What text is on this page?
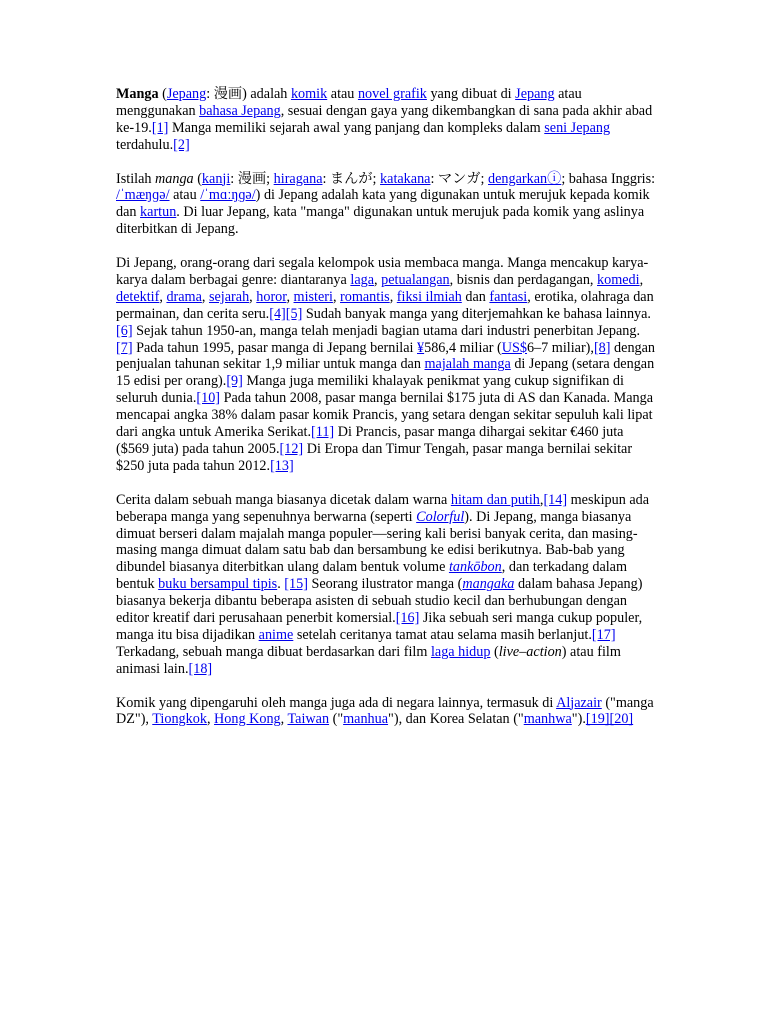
Manga (Jepang: 漫画) adalah komik atau novel grafik yang dibuat di Jepang atau menggunakan bahasa Jepang, sesuai dengan gaya yang dikembangkan di sana pada akhir abad ke-19.[1] Manga memiliki sejarah awal yang panjang dan kompleks dalam seni Jepang terdahulu.[2]

Istilah manga (kanji: 漫画; hiragana: まんが; katakana: マンガ; dengarkanⓘ; bahasa Inggris: /ˈmæŋɡə/ atau /ˈmɑːŋɡə/) di Jepang adalah kata yang digunakan untuk merujuk kepada komik dan kartun. Di luar Jepang, kata "manga" digunakan untuk merujuk pada komik yang aslinya diterbitkan di Jepang.

Di Jepang, orang-orang dari segala kelompok usia membaca manga. Manga mencakup karya-karya dalam berbagai genre: diantaranya laga, petualangan, bisnis dan perdagangan, komedi, detektif, drama, sejarah, horor, misteri, romantis, fiksi ilmiah dan fantasi, erotika, olahraga dan permainan, dan cerita seru.[4][5] Sudah banyak manga yang diterjemahkan ke bahasa lainnya.[6] Sejak tahun 1950-an, manga telah menjadi bagian utama dari industri penerbitan Jepang.[7] Pada tahun 1995, pasar manga di Jepang bernilai ¥586,4 miliar (US$6–7 miliar),[8] dengan penjualan tahunan sekitar 1,9 miliar untuk manga dan majalah manga di Jepang (setara dengan 15 edisi per orang).[9] Manga juga memiliki khalayak penikmat yang cukup signifikan di seluruh dunia.[10] Pada tahun 2008, pasar manga bernilai $175 juta di AS dan Kanada. Manga mencapai angka 38% dalam pasar komik Prancis, yang setara dengan sekitar sepuluh kali lipat dari angka untuk Amerika Serikat.[11] Di Prancis, pasar manga dihargai sekitar €460 juta ($569 juta) pada tahun 2005.[12] Di Eropa dan Timur Tengah, pasar manga bernilai sekitar $250 juta pada tahun 2012.[13]

Cerita dalam sebuah manga biasanya dicetak dalam warna hitam dan putih,[14] meskipun ada beberapa manga yang sepenuhnya berwarna (seperti Colorful). Di Jepang, manga biasanya dimuat berseri dalam majalah manga populer—sering kali berisi banyak cerita, dan masing-masing manga dimuat dalam satu bab dan bersambung ke edisi berikutnya. Bab-bab yang dibundel biasanya diterbitkan ulang dalam bentuk volume tankōbon, dan terkadang dalam bentuk buku bersampul tipis. [15] Seorang ilustrator manga (mangaka dalam bahasa Jepang) biasanya bekerja dibantu beberapa asisten di sebuah studio kecil dan berhubungan dengan editor kreatif dari perusahaan penerbit komersial.[16] Jika sebuah seri manga cukup populer, manga itu bisa dijadikan anime setelah ceritanya tamat atau selama masih berlanjut.[17] Terkadang, sebuah manga dibuat berdasarkan dari film laga hidup (live–action) atau film animasi lain.[18]

Komik yang dipengaruhi oleh manga juga ada di negara lainnya, termasuk di Aljazair ("manga DZ"), Tiongkok, Hong Kong, Taiwan ("manhua"), dan Korea Selatan ("manhwa").[19][20]
